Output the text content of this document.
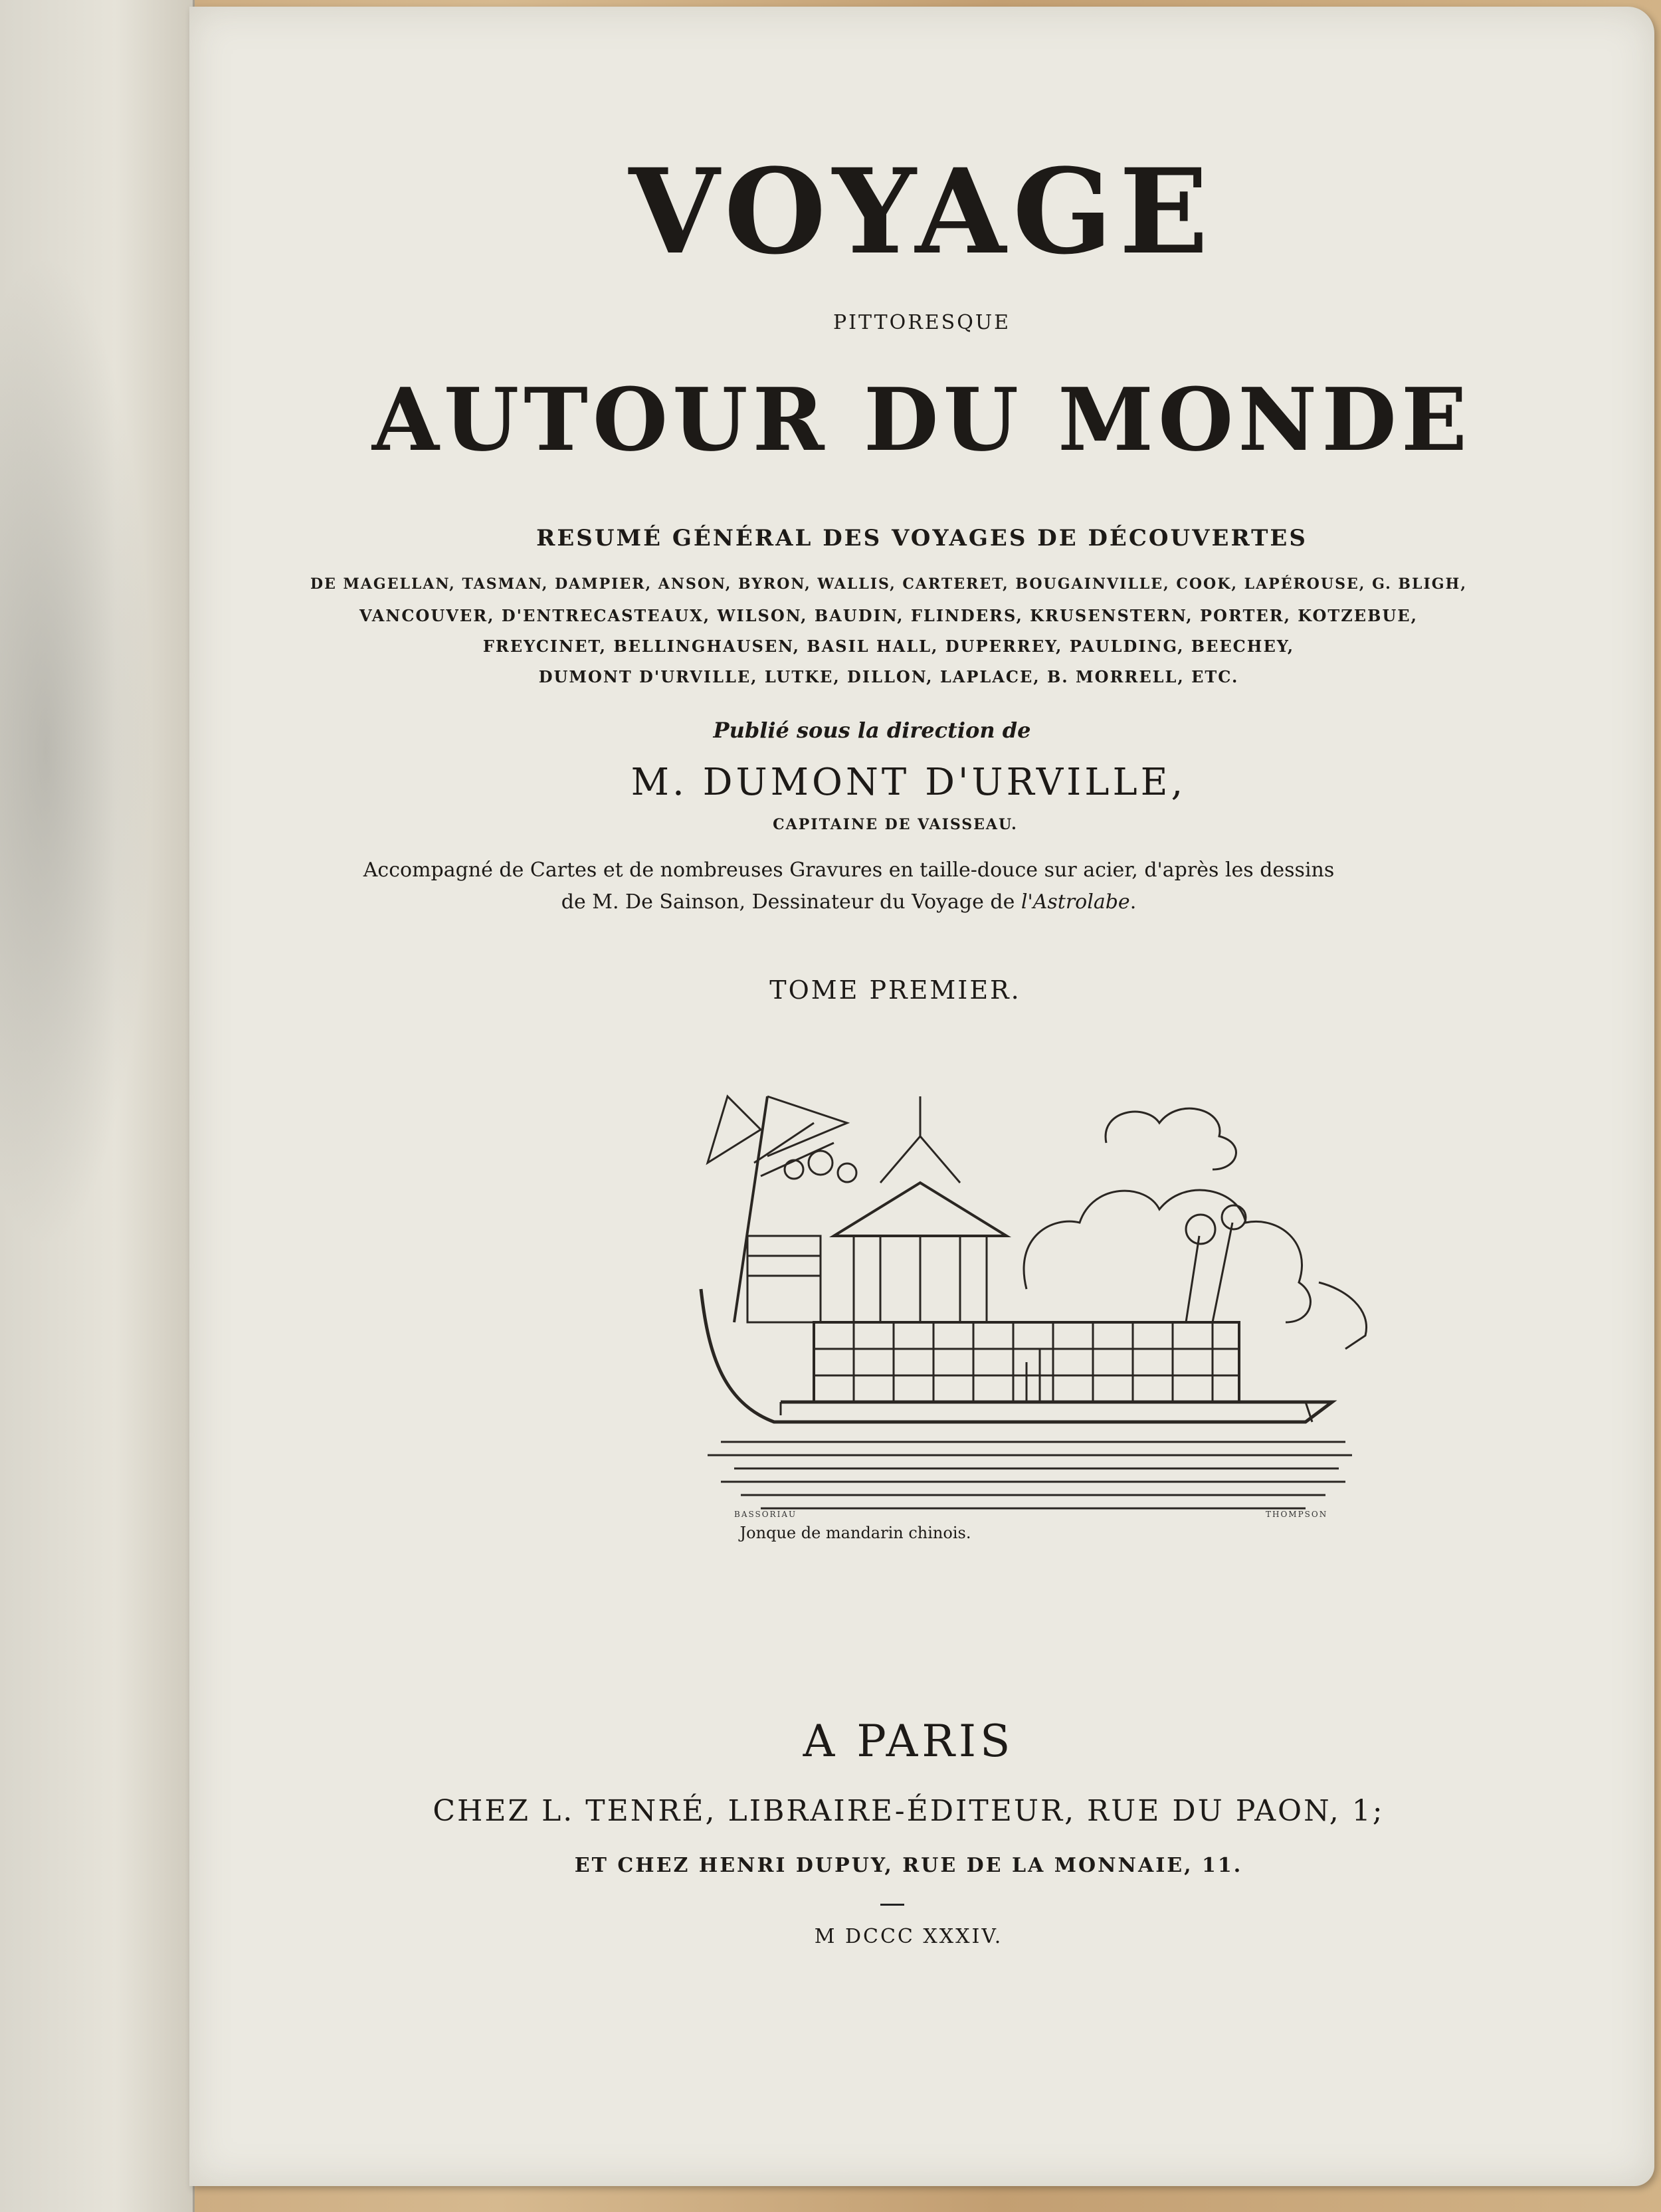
VOYAGE
PITTORESQUE
AUTOUR DU MONDE
RESUMÉ GÉNÉRAL DES VOYAGES DE DÉCOUVERTES
DE MAGELLAN, TASMAN, DAMPIER, ANSON, BYRON, WALLIS, CARTERET, BOUGAINVILLE, COOK, LAPÉROUSE, G. BLIGH,
VANCOUVER, D'ENTRECASTEAUX, WILSON, BAUDIN, FLINDERS, KRUSENSTERN, PORTER, KOTZEBUE,
FREYCINET, BELLINGHAUSEN, BASIL HALL, DUPERREY, PAULDING, BEECHEY,
DUMONT D'URVILLE, LUTKE, DILLON, LAPLACE, B. MORRELL, ETC.
Publié sous la direction de
M. DUMONT D'URVILLE,
CAPITAINE DE VAISSEAU.
Accompagné de Cartes et de nombreuses Gravures en taille-douce sur acier, d'après les dessins
de M. De Sainson, Dessinateur du Voyage de l'Astrolabe.
TOME PREMIER.
BASSORIAU	THOMPSON
Jonque de mandarin chinois.
A PARIS
CHEZ L. TENRÉ, LIBRAIRE-ÉDITEUR, RUE DU PAON, 1;
ET CHEZ HENRI DUPUY, RUE DE LA MONNAIE, 11.
M DCCC XXXIV.
